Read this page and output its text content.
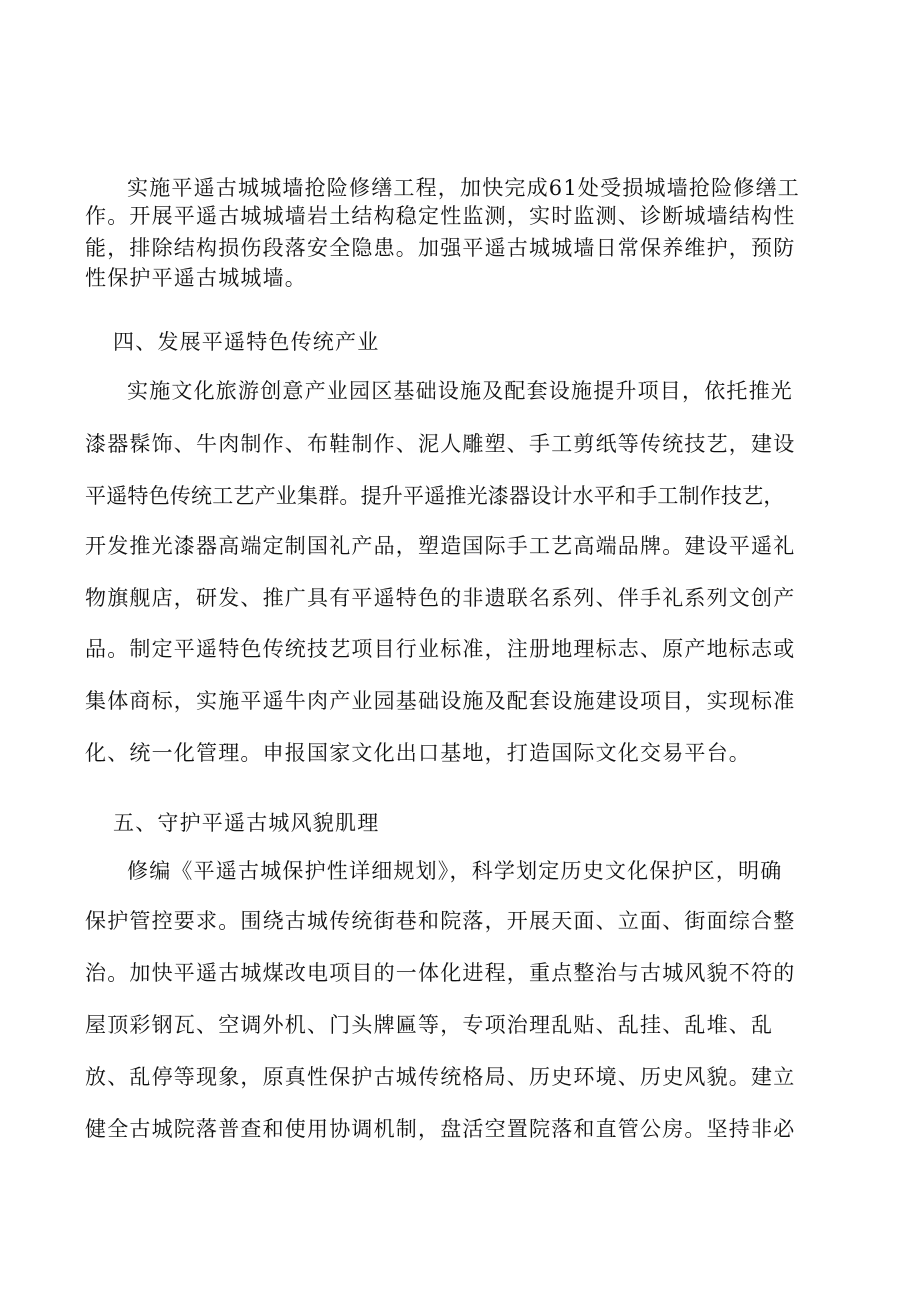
实施平遥古城城墙抢险修缮工程，加快完成61处受损城墙抢险修缮工
作。开展平遥古城城墙岩土结构稳定性监测，实时监测、诊断城墙结构性
能，排除结构损伤段落安全隐患。加强平遥古城城墙日常保养维护，预防
性保护平遥古城城墙。
四、发展平遥特色传统产业
实施文化旅游创意产业园区基础设施及配套设施提升项目，依托推光
漆器髹饰、牛肉制作、布鞋制作、泥人雕塑、手工剪纸等传统技艺，建设
平遥特色传统工艺产业集群。提升平遥推光漆器设计水平和手工制作技艺，
开发推光漆器高端定制国礼产品，塑造国际手工艺高端品牌。建设平遥礼
物旗舰店，研发、推广具有平遥特色的非遗联名系列、伴手礼系列文创产
品。制定平遥特色传统技艺项目行业标准，注册地理标志、原产地标志或
集体商标，实施平遥牛肉产业园基础设施及配套设施建设项目，实现标准
化、统一化管理。申报国家文化出口基地，打造国际文化交易平台。
五、守护平遥古城风貌肌理
修编《平遥古城保护性详细规划》，科学划定历史文化保护区，明确
保护管控要求。围绕古城传统街巷和院落，开展天面、立面、街面综合整
治。加快平遥古城煤改电项目的一体化进程，重点整治与古城风貌不符的
屋顶彩钢瓦、空调外机、门头牌匾等，专项治理乱贴、乱挂、乱堆、乱
放、乱停等现象，原真性保护古城传统格局、历史环境、历史风貌。建立
健全古城院落普查和使用协调机制，盘活空置院落和直管公房。坚持非必
